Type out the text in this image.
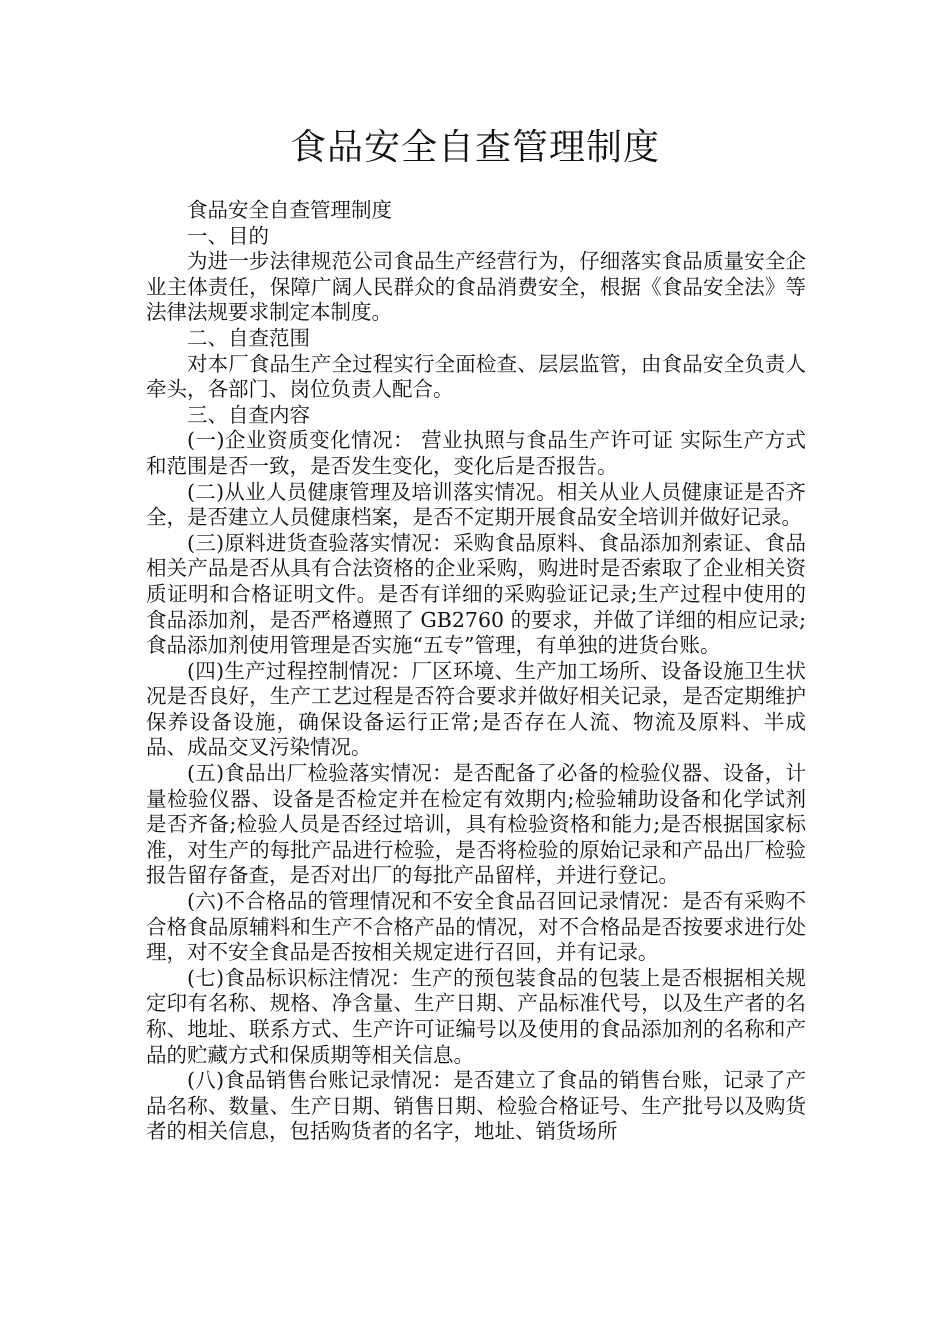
食品安全自查管理制度

食品安全自查管理制度

一、目的

为进一步法律规范公司食品生产经营行为，仔细落实食品质量安全企业主体责任，保障广阔人民群众的食品消费安全，根据《食品安全法》等法律法规要求制定本制度。

二、自查范围

对本厂食品生产全过程实行全面检查、层层监管，由食品安全负责人牵头，各部门、岗位负责人配合。

三、自查内容

(一)企业资质变化情况： 营业执照与食品生产许可证 实际生产方式和范围是否一致，是否发生变化，变化后是否报告。

(二)从业人员健康管理及培训落实情况。相关从业人员健康证是否齐全，是否建立人员健康档案，是否不定期开展食品安全培训并做好记录。

(三)原料进货查验落实情况：采购食品原料、食品添加剂索证、食品相关产品是否从具有合法资格的企业采购，购进时是否索取了企业相关资质证明和合格证明文件。是否有详细的采购验证记录;生产过程中使用的食品添加剂，是否严格遵照了 GB2760 的要求，并做了详细的相应记录;食品添加剂使用管理是否实施“五专”管理，有单独的进货台账。

(四)生产过程控制情况：厂区环境、生产加工场所、设备设施卫生状况是否良好，生产工艺过程是否符合要求并做好相关记录，是否定期维护保养设备设施，确保设备运行正常;是否存在人流、物流及原料、半成品、成品交叉污染情况。

(五)食品出厂检验落实情况：是否配备了必备的检验仪器、设备，计量检验仪器、设备是否检定并在检定有效期内;检验辅助设备和化学试剂是否齐备;检验人员是否经过培训，具有检验资格和能力;是否根据国家标准，对生产的每批产品进行检验，是否将检验的原始记录和产品出厂检验报告留存备查，是否对出厂的每批产品留样，并进行登记。

(六)不合格品的管理情况和不安全食品召回记录情况：是否有采购不合格食品原辅料和生产不合格产品的情况，对不合格品是否按要求进行处理，对不安全食品是否按相关规定进行召回，并有记录。

(七)食品标识标注情况：生产的预包装食品的包装上是否根据相关规定印有名称、规格、净含量、生产日期、产品标准代号，以及生产者的名称、地址、联系方式、生产许可证编号以及使用的食品添加剂的名称和产品的贮藏方式和保质期等相关信息。

(八)食品销售台账记录情况：是否建立了食品的销售台账，记录了产品名称、数量、生产日期、销售日期、检验合格证号、生产批号以及购货者的相关信息，包括购货者的名字，地址、销货场所
